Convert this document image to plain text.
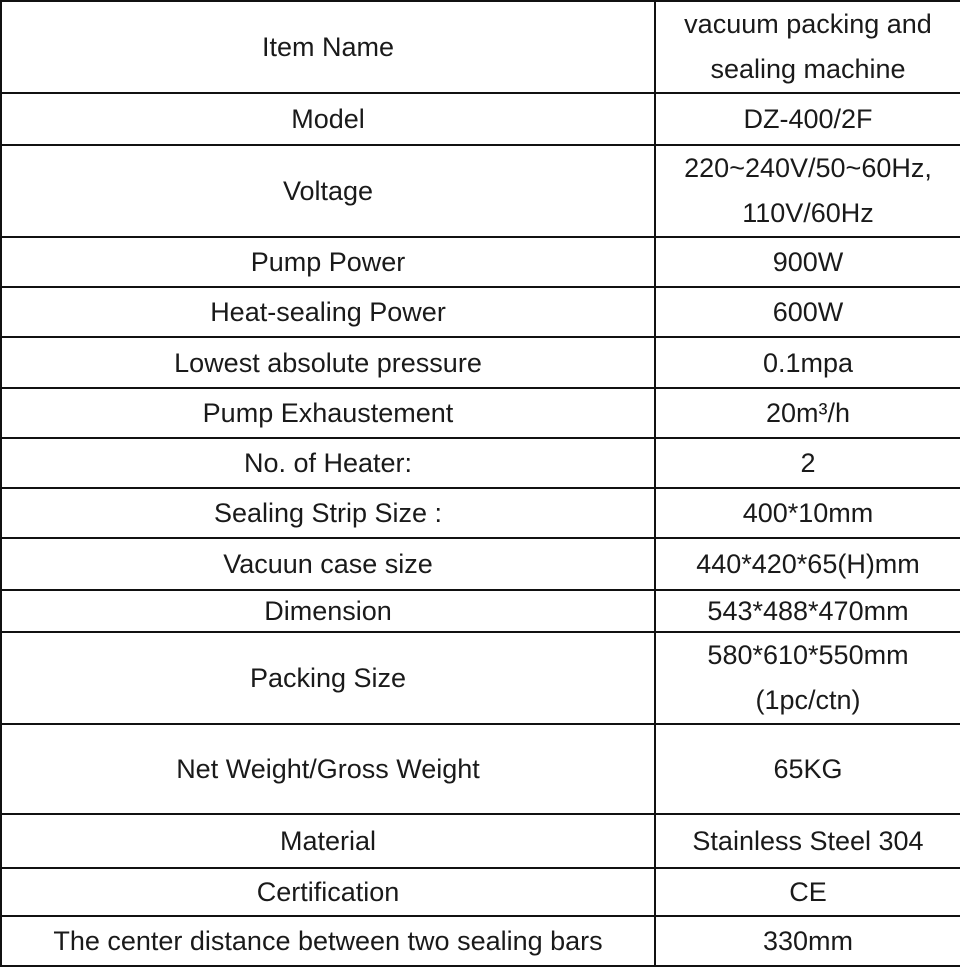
Item Name	vacuum packing and sealing machine
Model	DZ-400/2F
Voltage	220~240V/50~60Hz, 110V/60Hz
Pump Power	900W
Heat-sealing Power	600W
Lowest absolute pressure	0.1mpa
Pump Exhaustement	20m³/h
No. of Heater:	2
Sealing Strip Size :	400*10mm
Vacuun case size	440*420*65(H)mm
Dimension	543*488*470mm
Packing Size	580*610*550mm (1pc/ctn)
Net Weight/Gross Weight	65KG
Material	Stainless Steel 304
Certification	CE
The center distance between two sealing bars	330mm
